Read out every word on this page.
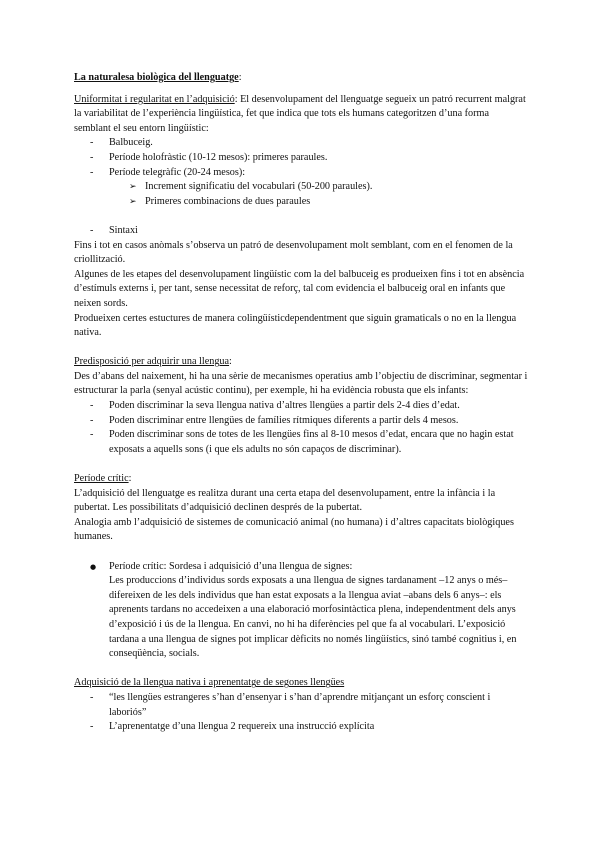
La naturalesa biològica del llenguatge:

Uniformitat i regularitat en l’adquisició: El desenvolupament del llenguatge segueix un patró recurrent malgrat la variabilitat de l’experiència lingüística, fet que indica que tots els humans categoritzen d’una forma semblant el seu entorn lingüístic:

- Balbuceig.
- Període holofràstic (10-12 mesos): primeres paraules.
- Període telegràfic (20-24 mesos):
➢ Increment significatiu del vocabulari (50-200 paraules).
➢ Primeres combinacions de dues paraules
- Sintaxi

Fins i tot en casos anòmals s’observa un patró de desenvolupament molt semblant, com en el fenomen de la criollització.

Algunes de les etapes del desenvolupament lingüístic com la del balbuceig es produeixen fins i tot en absència d’estímuls externs i, per tant, sense necessitat de reforç, tal com evidencia el balbuceig oral en infants que neixen sords.

Produeixen certes estuctures de manera colingüísticdependentment que siguin gramaticals o no en la llengua nativa.

Predisposició per adquirir una llengua:

Des d’abans del naixement, hi ha una sèrie de mecanismes operatius amb l’objectiu de discriminar, segmentar i estructurar la parla (senyal acústic continu), per exemple, hi ha evidència robusta que els infants:

- Poden discriminar la seva llengua nativa d’altres llengües a partir dels 2-4 dies d’edat.
- Poden discriminar entre llengües de famílies rítmiques diferents a partir dels 4 mesos.
- Poden discriminar sons de totes de les llengües fins al 8-10 mesos d’edat, encara que no hagin estat exposats a aquells sons (i que els adults no són capaços de discriminar).

Període crític:

L’adquisició del llenguatge es realitza durant una certa etapa del desenvolupament, entre la infància i la pubertat. Les possibilitats d’adquisició declinen després de la pubertat.

Analogia amb l’adquisició de sistemes de comunicació animal (no humana) i d’altres capacitats biològiques humanes.

● Període crític: Sordesa i adquisició d’una llengua de signes:
Les produccions d’individus sords exposats a una llengua de signes tardanament –12 anys o més– difereixen de les dels individus que han estat exposats a la llengua aviat –abans dels 6 anys–: els aprenents tardans no accedeixen a una elaboració morfosintàctica plena, independentment dels anys d’exposició i ús de la llengua. En canvi, no hi ha diferències pel que fa al vocabulari. L’exposició tardana a una llengua de signes pot implicar dèficits no només lingüístics, sinó també cognitius i, en conseqüència, socials.

Adquisició de la llengua nativa i aprenentatge de segones llengües

- “les llengües estrangeres s’han d’ensenyar i s’han d’aprendre mitjançant un esforç conscient i laboriós”
- L’aprenentatge d’una llengua 2 requereix una instrucció explícita
